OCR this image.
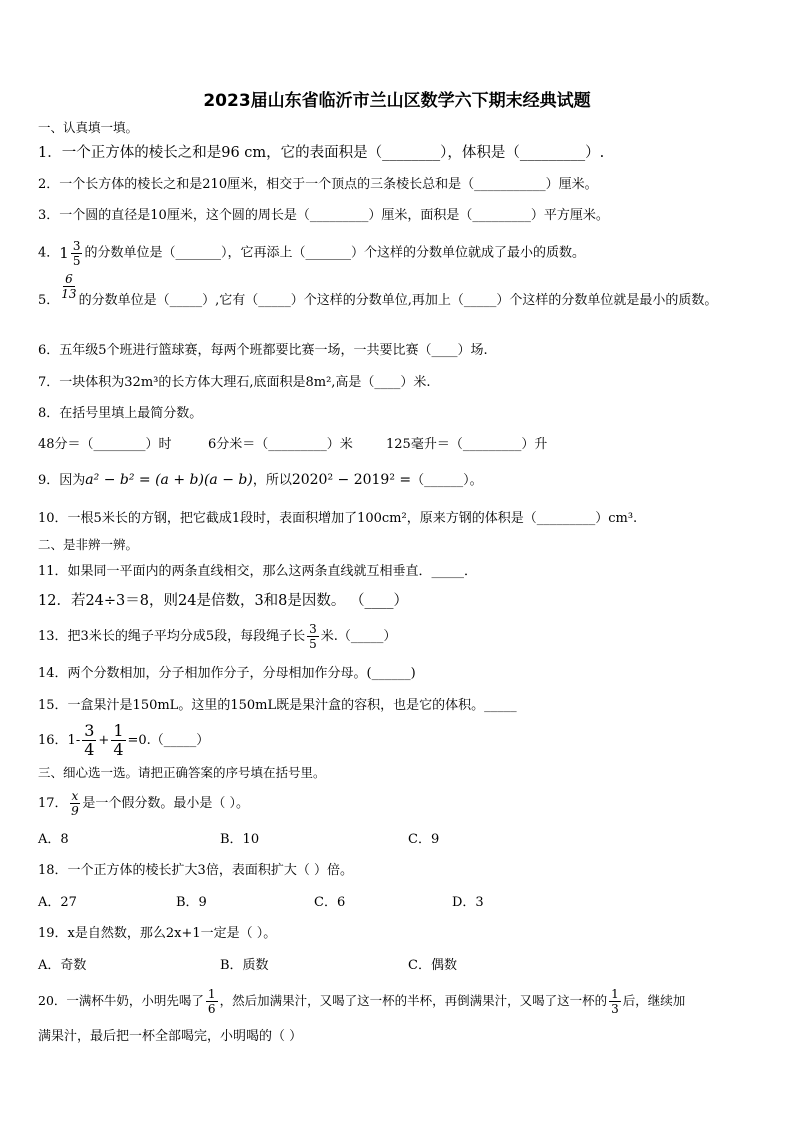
2023届山东省临沂市兰山区数学六下期末经典试题
一、认真填一填。
1．一个正方体的棱长之和是96 cm，它的表面积是（________），体积是（_________）.
2．一个长方体的棱长之和是210厘米，相交于一个顶点的三条棱长总和是（___________）厘米。
3．一个圆的直径是10厘米，这个圆的周长是（_________）厘米，面积是（_________）平方厘米。
4．$1 \frac{3}{5}$ 的分数单位是（_______），它再添上（_______）个这样的分数单位就成了最小的质数。
5． $\frac{6}{13}$ 的分数单位是（_____）,它有（_____）个这样的分数单位,再加上（_____）个这样的分数单位就是最小的质数。
6．五年级5个班进行篮球赛，每两个班都要比赛一场，一共要比赛（____）场.
7．一块体积为32m³的长方体大理石,底面积是8m²,高是（____）米.
8．在括号里填上最简分数。
48分＝（________）时	6分米＝（_________）米	125毫升＝（_________）升
9．因为a² − b² = (a + b)(a − b)，所以2020² − 2019² =（______）。
10．一根5米长的方钢，把它截成1段时，表面积增加了100cm²，原来方钢的体积是（_________）cm³.
二、是非辨一辨。
11．如果同一平面内的两条直线相交，那么这两条直线就互相垂直．_____．
12．若24÷3＝8，则24是倍数，3和8是因数。 （____）
13．把3米长的绳子平均分成5段，每段绳子长 $\frac{3}{5}$ 米.（_____）
14．两个分数相加，分子相加作分子，分母相加作分母。(______)
15．一盒果汁是150mL。这里的150mL既是果汁盒的容积，也是它的体积。_____
16．$1- \frac{3}{4} + \frac{1}{4}$ =0.（_____）
三、细心选一选。请把正确答案的序号填在括号里。
17． $\frac{x}{9}$ 是一个假分数。最小是（ ）。
A．8	B．10	C．9
18．一个正方体的棱长扩大3倍，表面积扩大（ ）倍。
A．27	B．9	C．6	D．3
19．x是自然数，那么2x+1一定是（ ）。
A．奇数	B．质数	C．偶数
20．一满杯牛奶，小明先喝了 $\frac{1}{6}$ ，然后加满果汁，又喝了这一杯的半杯，再倒满果汁，又喝了这一杯的 $\frac{1}{3}$ 后，继续加
满果汁，最后把一杯全部喝完，小明喝的（ ）
